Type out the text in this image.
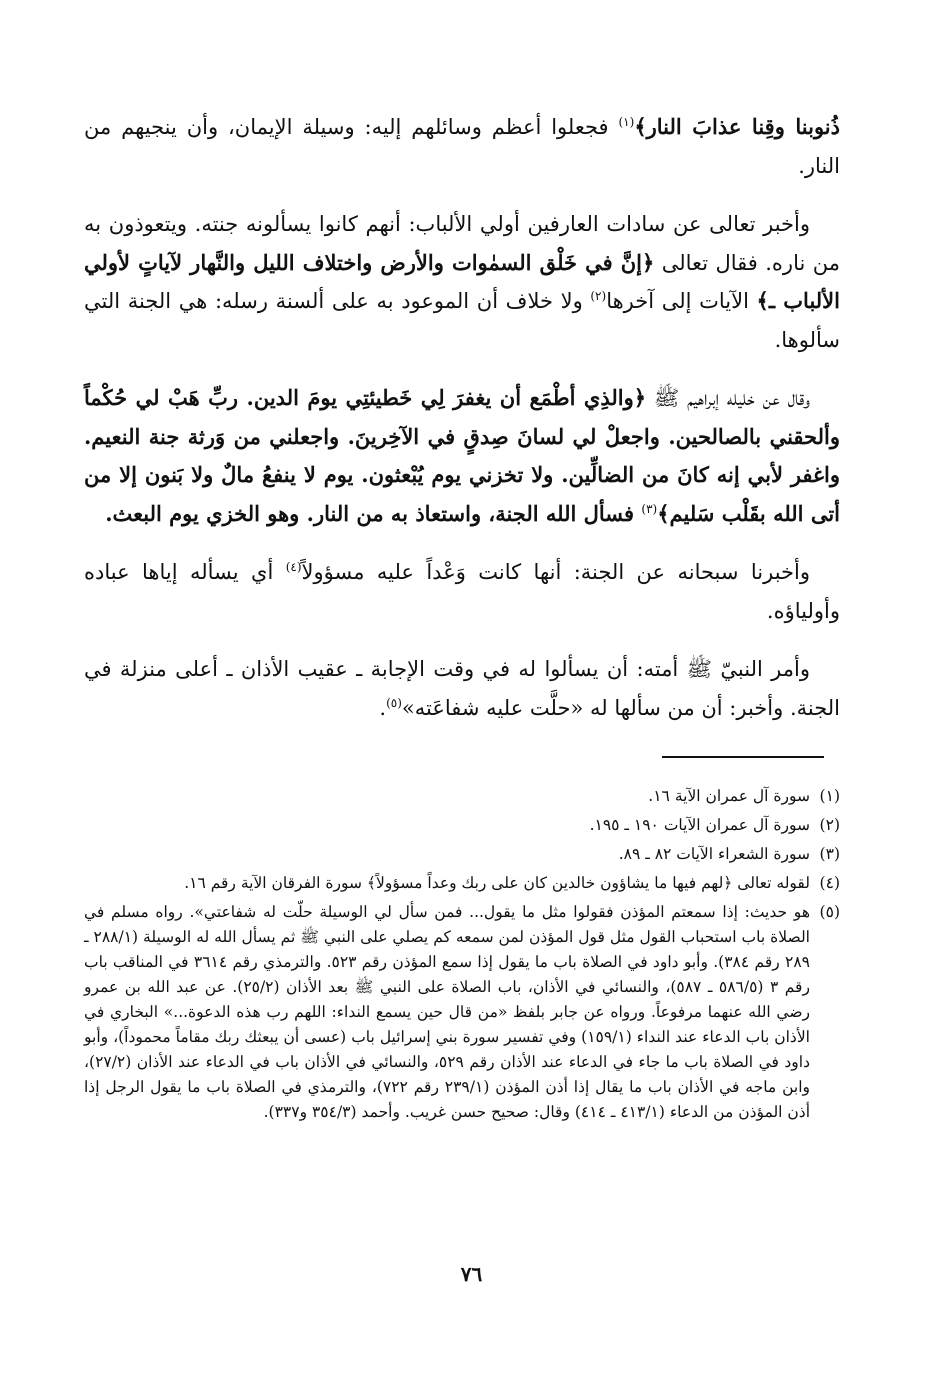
ذُنوبنا وقِنا عذابَ النار﴾$^{(١)}$ فجعلوا أعظم وسائلهم إليه: وسيلة الإيمان، وأن ينجيهم من النار.

وأخبر تعالى عن سادات العارفين أولي الألباب: أنهم كانوا يسألونه جنته. ويتعوذون به من ناره. فقال تعالى ﴿إنَّ في خَلْق السمٰوات والأرض واختلاف الليل والنَّهار لآياتٍ لأولي الألباب ـ﴾ الآيات إلى آخرها$^{(٢)}$ ولا خلاف أن الموعود به على ألسنة رسله: هي الجنة التي سألوها.

وقال عن خليله إبراهيم ﷺ ﴿والذِي أطْمَع أن يغفرَ لِي خَطيئتِي يومَ الدين. ربِّ هَبْ لي حُكْماً وألحقني بالصالحين. واجعلْ لي لسانَ صِدقٍ في الآخِرينَ. واجعلني من وَرثة جنة النعيم. واغفر لأبي إنه كانَ من الضالِّين. ولا تخزني يوم يُبْعثون. يوم لا ينفعُ مالٌ ولا بَنون إلا من أتى الله بقَلْب سَليم﴾$^{(٣)}$ فسأل الله الجنة، واستعاذ به من النار. وهو الخزي يوم البعث.

وأخبرنا سبحانه عن الجنة: أنها كانت وَعْداً عليه مسؤولاً$^{(٤)}$ أي يسأله إياها عباده وأولياؤه.

وأمر النبيّ ﷺ أمته: أن يسألوا له في وقت الإجابة ـ عقيب الأذان ـ أعلى منزلة في الجنة. وأخبر: أن من سألها له «حلَّت عليه شفاعَته»$^{(٥)}$.

(١)
سورة آل عمران الآية ١٦.
(٢)
سورة آل عمران الآيات ١٩٠ ـ ١٩٥.
(٣)
سورة الشعراء الآيات ٨٢ ـ ٨٩.
(٤)
لقوله تعالى ﴿لهم فيها ما يشاؤون خالدين كان على ربك وعداً مسؤولاً﴾ سورة الفرقان الآية رقم ١٦.
(٥)
هو حديث: إذا سمعتم المؤذن فقولوا مثل ما يقول... فمن سأل لي الوسيلة حلّت له شفاعتي». رواه مسلم في الصلاة باب استحباب القول مثل قول المؤذن لمن سمعه كم يصلي على النبي ﷺ ثم يسأل الله له الوسيلة (٢٨٨/١ ـ ٢٨٩ رقم ٣٨٤). وأبو داود في الصلاة باب ما يقول إذا سمع المؤذن رقم ٥٢٣. والترمذي رقم ٣٦١٤ في المناقب باب رقم ٣ (٥٨٦/٥ ـ ٥٨٧)، والنسائي في الأذان، باب الصلاة على النبي ﷺ بعد الأذان (٢٥/٢). عن عبد الله بن عمرو رضي الله عنهما مرفوعاً. ورواه عن جابر بلفظ «من قال حين يسمع النداء: اللهم رب هذه الدعوة...» البخاري في الأذان باب الدعاء عند النداء (١٥٩/١) وفي تفسير سورة بني إسرائيل باب (عسى أن يبعثك ربك مقاماً محموداً)، وأبو داود في الصلاة باب ما جاء في الدعاء عند الأذان رقم ٥٢٩، والنسائي في الأذان باب في الدعاء عند الأذان (٢٧/٢)، وابن ماجه في الأذان باب ما يقال إذا أذن المؤذن (٢٣٩/١ رقم ٧٢٢)، والترمذي في الصلاة باب ما يقول الرجل إذا أذن المؤذن من الدعاء (٤١٣/١ ـ ٤١٤) وقال: صحيح حسن غريب. وأحمد (٣٥٤/٣ و٣٣٧).
٧٦
